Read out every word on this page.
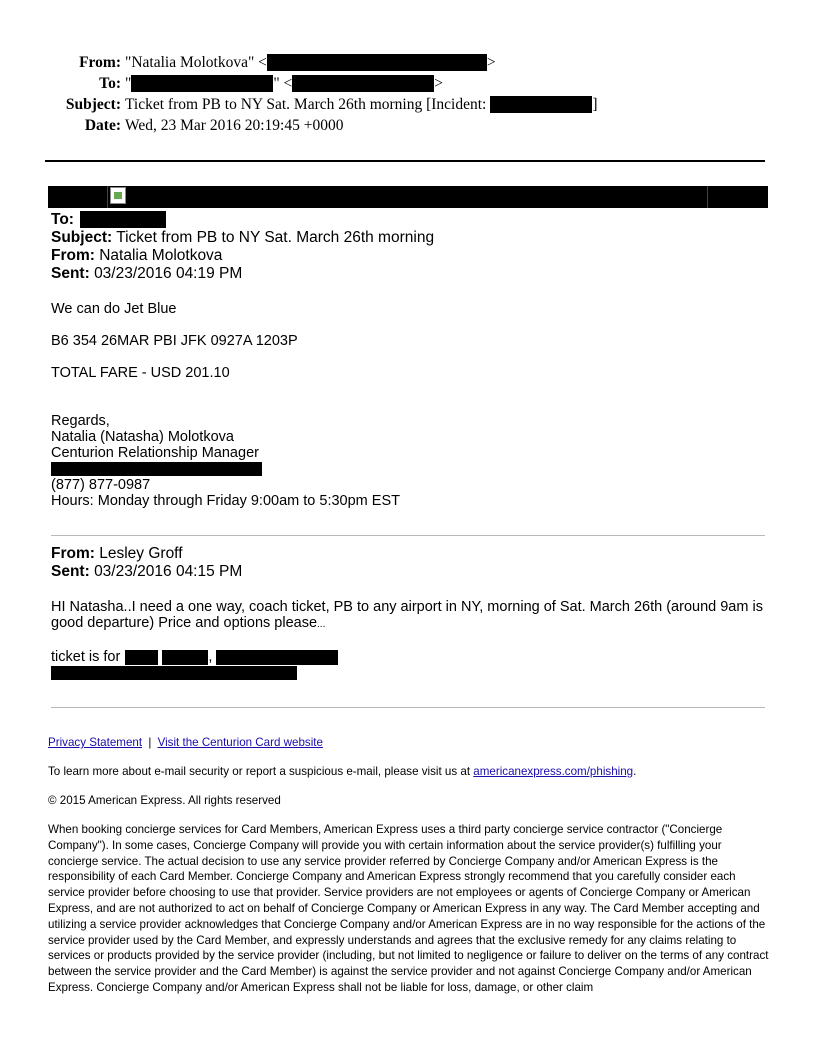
From: "Natalia Molotkova" <	>
To: "	" <	>
Subject: Ticket from PB to NY Sat. March 26th morning [Incident:	]
Date: Wed, 23 Mar 2016 20:19:45 +0000
To:
Subject: Ticket from PB to NY Sat. March 26th morning
From: Natalia Molotkova
Sent: 03/23/2016 04:19 PM
We can do Jet Blue
B6 354 26MAR PBI JFK 0927A 1203P
TOTAL FARE - USD 201.10
Regards,
Natalia (Natasha) Molotkova
Centurion Relationship Manager
(877) 877-0987
Hours: Monday through Friday 9:00am to 5:30pm EST
From: Lesley Groff
Sent: 03/23/2016 04:15 PM
HI Natasha..I need a one way, coach ticket, PB to any airport in NY, morning of Sat. March 26th (around 9am is
good departure) Price and options please...
ticket is for	,
Privacy Statement | Visit the Centurion Card website
To learn more about e-mail security or report a suspicious e-mail, please visit us at americanexpress.com/phishing.
© 2015 American Express. All rights reserved
When booking concierge services for Card Members, American Express uses a third party concierge service contractor ("Concierge Company"). In some cases, Concierge Company will provide you with certain information about the service provider(s) fulfilling your concierge service. The actual decision to use any service provider referred by Concierge Company and/or American Express is the responsibility of each Card Member. Concierge Company and American Express strongly recommend that you carefully consider each service provider before choosing to use that provider. Service providers are not employees or agents of Concierge Company or American Express, and are not authorized to act on behalf of Concierge Company or American Express in any way. The Card Member accepting and utilizing a service provider acknowledges that Concierge Company and/or American Express are in no way responsible for the actions of the service provider used by the Card Member, and expressly understands and agrees that the exclusive remedy for any claims relating to services or products provided by the service provider (including, but not limited to negligence or failure to deliver on the terms of any contract between the service provider and the Card Member) is against the service provider and not against Concierge Company and/or American Express. Concierge Company and/or American Express shall not be liable for loss, damage, or other claim
